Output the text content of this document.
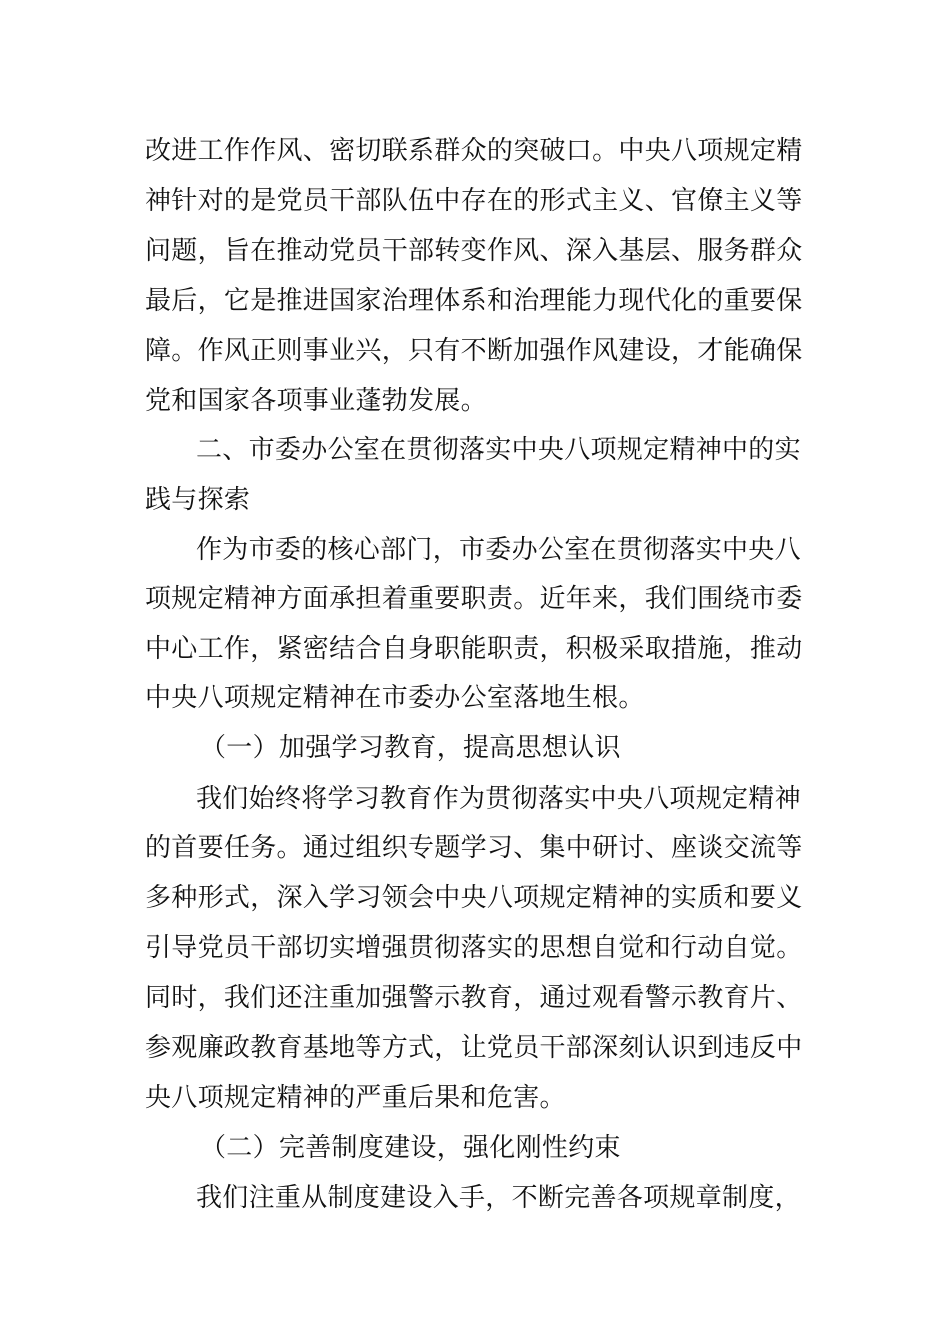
改进工作作风、密切联系群众的突破口。中央八项规定精
神针对的是党员干部队伍中存在的形式主义、官僚主义等
问题，旨在推动党员干部转变作风、深入基层、服务群众
最后，它是推进国家治理体系和治理能力现代化的重要保
障。作风正则事业兴，只有不断加强作风建设，才能确保
党和国家各项事业蓬勃发展。
二、市委办公室在贯彻落实中央八项规定精神中的实
践与探索
作为市委的核心部门，市委办公室在贯彻落实中央八
项规定精神方面承担着重要职责。近年来，我们围绕市委
中心工作，紧密结合自身职能职责，积极采取措施，推动
中央八项规定精神在市委办公室落地生根。
（一）加强学习教育，提高思想认识
我们始终将学习教育作为贯彻落实中央八项规定精神
的首要任务。通过组织专题学习、集中研讨、座谈交流等
多种形式，深入学习领会中央八项规定精神的实质和要义
引导党员干部切实增强贯彻落实的思想自觉和行动自觉。
同时，我们还注重加强警示教育，通过观看警示教育片、
参观廉政教育基地等方式，让党员干部深刻认识到违反中
央八项规定精神的严重后果和危害。
（二）完善制度建设，强化刚性约束
我们注重从制度建设入手，不断完善各项规章制度，
